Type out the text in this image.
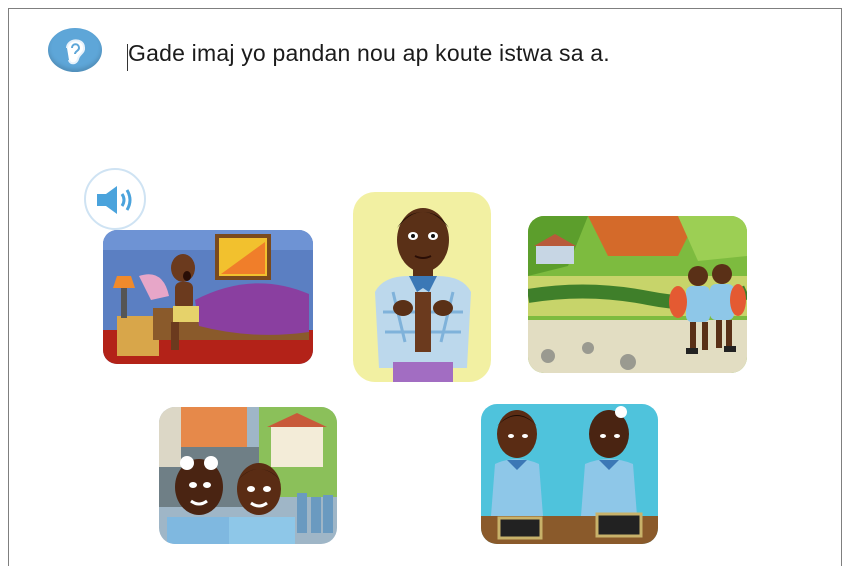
Gade imaj yo pandan nou ap koute istwa sa a.
